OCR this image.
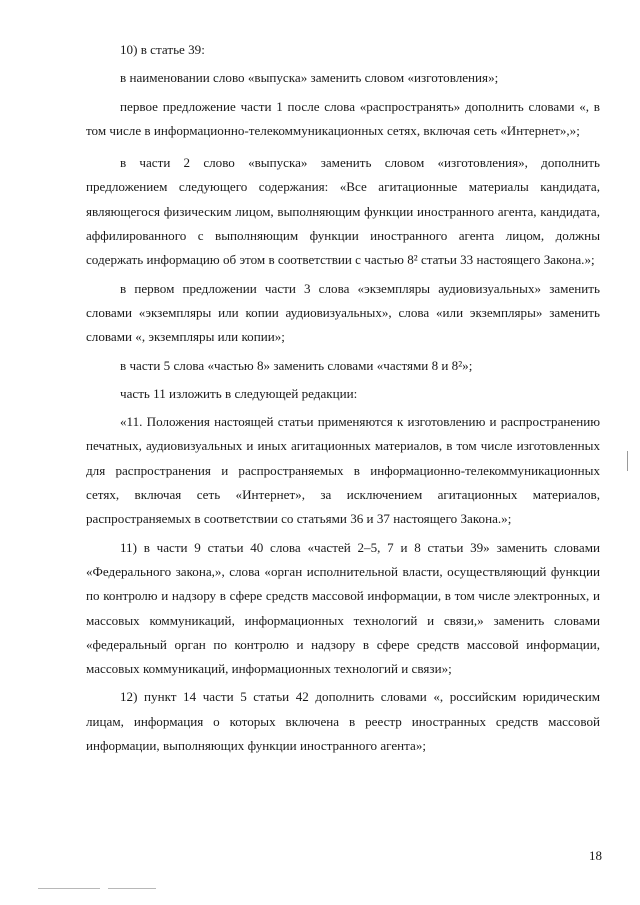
10) в статье 39:

в наименовании слово «выпуска» заменить словом «изготовления»;

первое предложение части 1 после слова «распространять» дополнить словами «, в том числе в информационно-телекоммуникационных сетях, включая сеть «Интернет»,»;

в части 2 слово «выпуска» заменить словом «изготовления», дополнить предложением следующего содержания: «Все агитационные материалы кандидата, являющегося физическим лицом, выполняющим функции иностранного агента, кандидата, аффилированного с выполняющим функции иностранного агента лицом, должны содержать информацию об этом в соответствии с частью 8² статьи 33 настоящего Закона.»;

в первом предложении части 3 слова «экземпляры аудиовизуальных» заменить словами «экземпляры или копии аудиовизуальных», слова «или экземпляры» заменить словами «, экземпляры или копии»;

в части 5 слова «частью 8» заменить словами «частями 8 и 8²»;

часть 11 изложить в следующей редакции:

«11. Положения настоящей статьи применяются к изготовлению и распространению печатных, аудиовизуальных и иных агитационных материалов, в том числе изготовленных для распространения и распространяемых в информационно-телекоммуникационных сетях, включая сеть «Интернет», за исключением агитационных материалов, распространяемых в соответствии со статьями 36 и 37 настоящего Закона.»;

11) в части 9 статьи 40 слова «частей 2–5, 7 и 8 статьи 39» заменить словами «Федерального закона,», слова «орган исполнительной власти, осуществляющий функции по контролю и надзору в сфере средств массовой информации, в том числе электронных, и массовых коммуникаций, информационных технологий и связи,» заменить словами «федеральный орган по контролю и надзору в сфере средств массовой информации, массовых коммуникаций, информационных технологий и связи»;

12) пункт 14 части 5 статьи 42 дополнить словами «, российским юридическим лицам, информация о которых включена в реестр иностранных средств массовой информации, выполняющих функции иностранного агента»;

18
